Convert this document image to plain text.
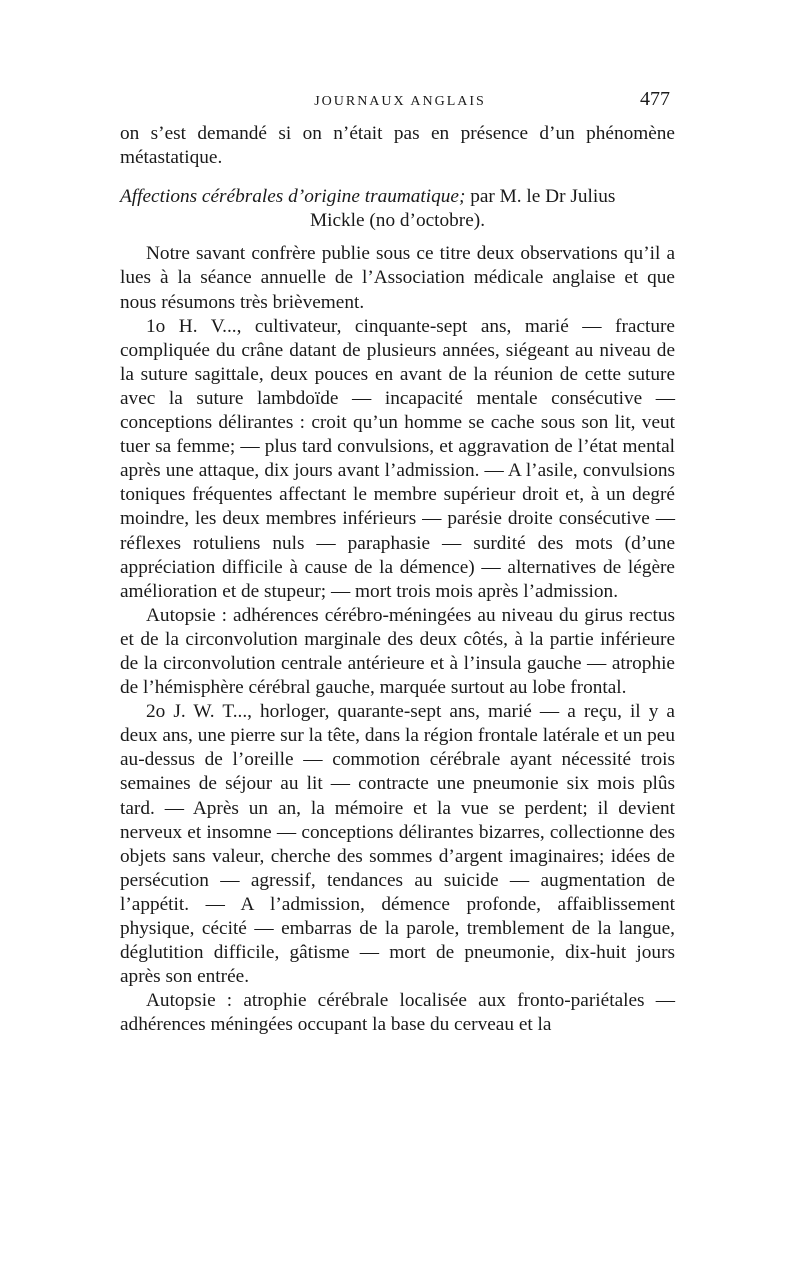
JOURNAUX ANGLAIS	477

on s’est demandé si on n’était pas en présence d’un phénomène métastatique.

Affections cérébrales d’origine traumatique; par M. le Dr Julius
Mickle (no d’octobre).

Notre savant confrère publie sous ce titre deux observations qu’il a lues à la séance annuelle de l’Association médicale anglaise et que nous résumons très brièvement.

1o H. V..., cultivateur, cinquante-sept ans, marié — fracture compliquée du crâne datant de plusieurs années, siégeant au niveau de la suture sagittale, deux pouces en avant de la réunion de cette suture avec la suture lambdoïde — incapacité mentale consécutive — conceptions délirantes : croit qu’un homme se cache sous son lit, veut tuer sa femme; — plus tard convulsions, et aggravation de l’état mental après une attaque, dix jours avant l’admission. — A l’asile, convulsions toniques fréquentes affectant le membre supérieur droit et, à un degré moindre, les deux membres inférieurs — parésie droite consécutive — réflexes rotuliens nuls — paraphasie — surdité des mots (d’une appréciation difficile à cause de la démence) — alternatives de légère amélioration et de stupeur; — mort trois mois après l’admission.

Autopsie : adhérences cérébro-méningées au niveau du girus rectus et de la circonvolution marginale des deux côtés, à la partie inférieure de la circonvolution centrale antérieure et à l’insula gauche — atrophie de l’hémisphère cérébral gauche, marquée surtout au lobe frontal.

2o J. W. T..., horloger, quarante-sept ans, marié — a reçu, il y a deux ans, une pierre sur la tête, dans la région frontale latérale et un peu au-dessus de l’oreille — commotion cérébrale ayant nécessité trois semaines de séjour au lit — contracte une pneumonie six mois plûs tard. — Après un an, la mémoire et la vue se perdent; il devient nerveux et insomne — conceptions délirantes bizarres, collectionne des objets sans valeur, cherche des sommes d’argent imaginaires; idées de persécution — agressif, tendances au suicide — augmentation de l’appétit. — A l’admission, démence profonde, affaiblissement physique, cécité — embarras de la parole, tremblement de la langue, déglutition difficile, gâtisme — mort de pneumonie, dix-huit jours après son entrée.

Autopsie : atrophie cérébrale localisée aux fronto-pariétales — adhérences méningées occupant la base du cerveau et la
